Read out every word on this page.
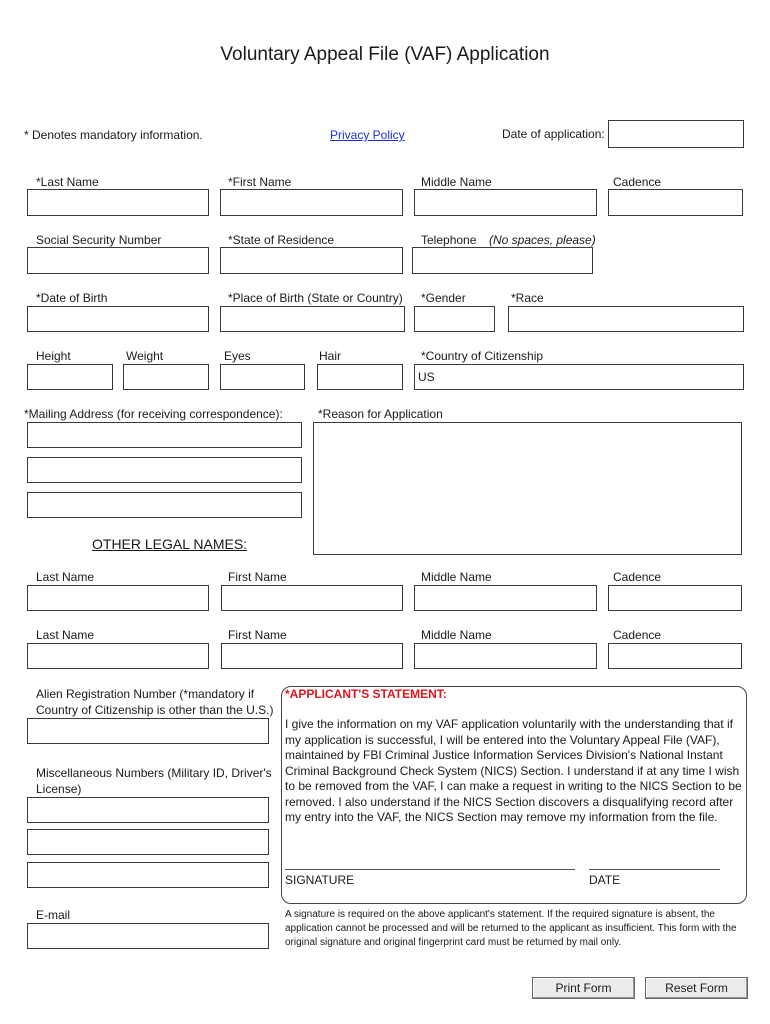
Voluntary Appeal File (VAF) Application
* Denotes mandatory information.	Privacy Policy	Date of application:
*Last Name	*First Name	Middle Name	Cadence
Social Security Number	*State of Residence	Telephone (No spaces, please)
*Date of Birth	*Place of Birth (State or Country) *Gender	*Race
Height	Weight	Eyes	Hair	*Country of Citizenship
US
*Mailing Address (for receiving correspondence):	*Reason for Application
OTHER LEGAL NAMES:
Last Name	First Name	Middle Name	Cadence
Last Name	First Name	Middle Name	Cadence
Alien Registration Number (*mandatory if
Country of Citizenship is other than the U.S.)
Miscellaneous Numbers (Military ID, Driver's
License)
E-mail
*APPLICANT'S STATEMENT:
I give the information on my VAF application voluntarily with the understanding that if my application is successful, I will be entered into the Voluntary Appeal File (VAF), maintained by FBI Criminal Justice Information Services Division's National Instant Criminal Background Check System (NICS) Section. I understand if at any time I wish to be removed from the VAF, I can make a request in writing to the NICS Section to be removed. I also understand if the NICS Section discovers a disqualifying record after my entry into the VAF, the NICS Section may remove my information from the file.
SIGNATURE	DATE
A signature is required on the above applicant's statement. If the required signature is absent, the application cannot be processed and will be returned to the applicant as insufficient. This form with the original signature and original fingerprint card must be returned by mail only.
Print Form	Reset Form
